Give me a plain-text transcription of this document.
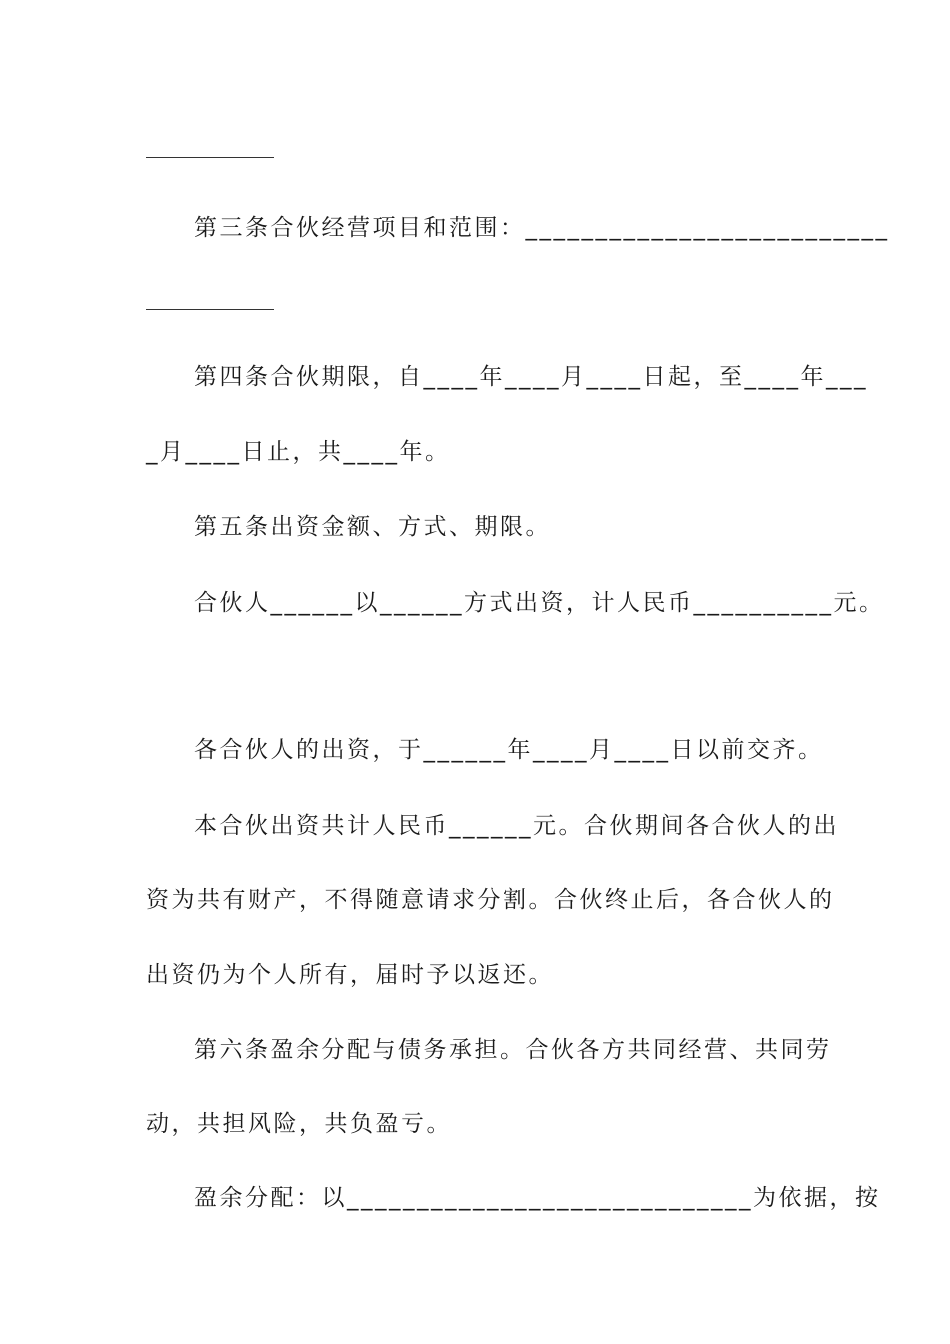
第三条合伙经营项目和范围：__________________________
第四条合伙期限，自____年____月____日起，至____年___
_月____日止，共____年。
第五条出资金额、方式、期限。
合伙人______以______方式出资，计人民币__________元。
各合伙人的出资，于______年____月____日以前交齐。
本合伙出资共计人民币______元。合伙期间各合伙人的出
资为共有财产，不得随意请求分割。合伙终止后，各合伙人的
出资仍为个人所有，届时予以返还。
第六条盈余分配与债务承担。合伙各方共同经营、共同劳
动，共担风险，共负盈亏。
盈余分配：以_____________________________为依据，按
